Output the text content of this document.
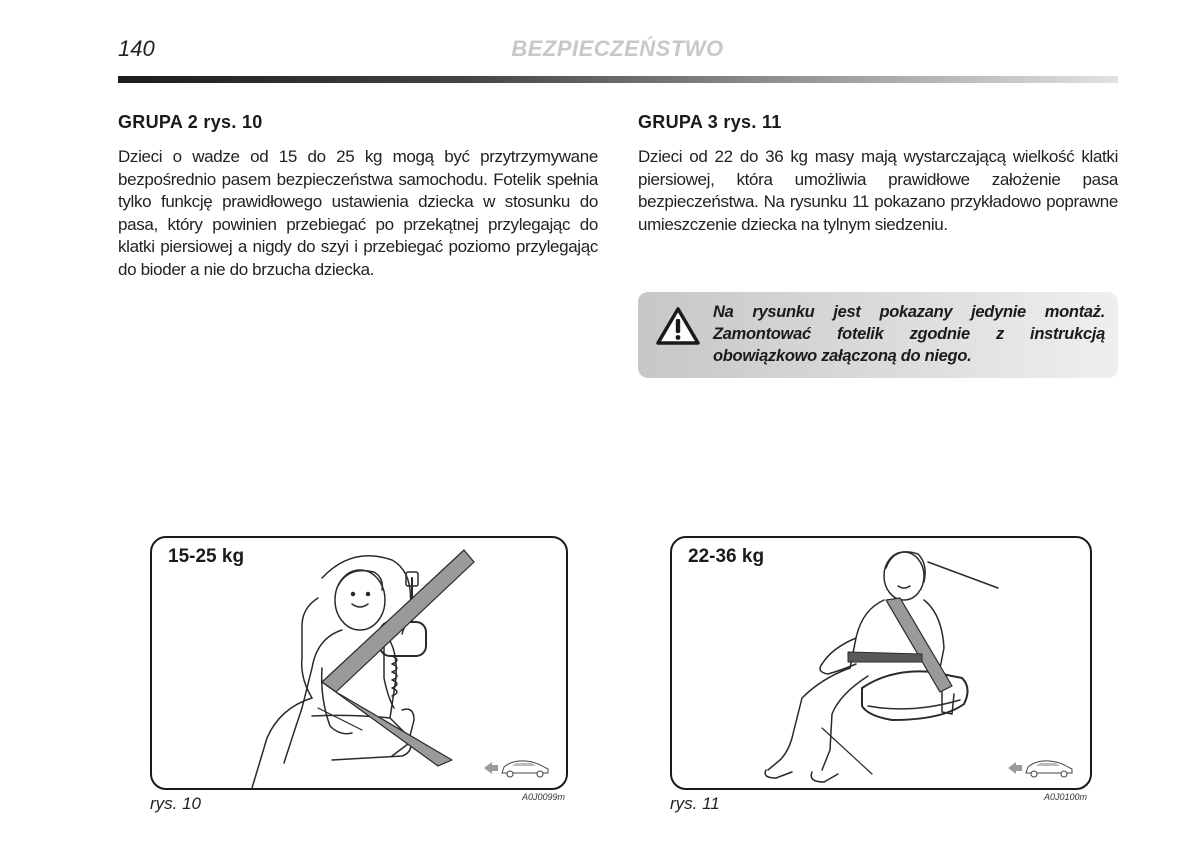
140	BEZPIECZEŃSTWO
GRUPA 2 rys. 10

Dzieci o wadze od 15 do 25 kg mogą być przytrzymywane bezpośrednio pasem bezpieczeństwa samochodu. Fotelik spełnia tylko funkcję prawidłowego ustawienia dziecka w stosunku do pasa, który powinien przebiegać po przekątnej przylegając do klatki piersiowej a nigdy do szyi i przebiegać poziomo przylegając do bioder a nie do brzucha dziecka.

GRUPA 3 rys. 11

Dzieci od 22 do 36 kg masy mają wystarczającą wielkość klatki piersiowej, która umożliwia prawidłowe założenie pasa bezpieczeństwa. Na rysunku 11 pokazano przykładowo poprawne umieszczenie dziecka na tylnym siedzeniu.

Na rysunku jest pokazany jedynie montaż. Zamontować fotelik zgodnie z instrukcją obowiązkowo załączoną do niego.
15-25 kg
rys. 10	A0J0099m
22-36 kg
rys. 11	A0J0100m
